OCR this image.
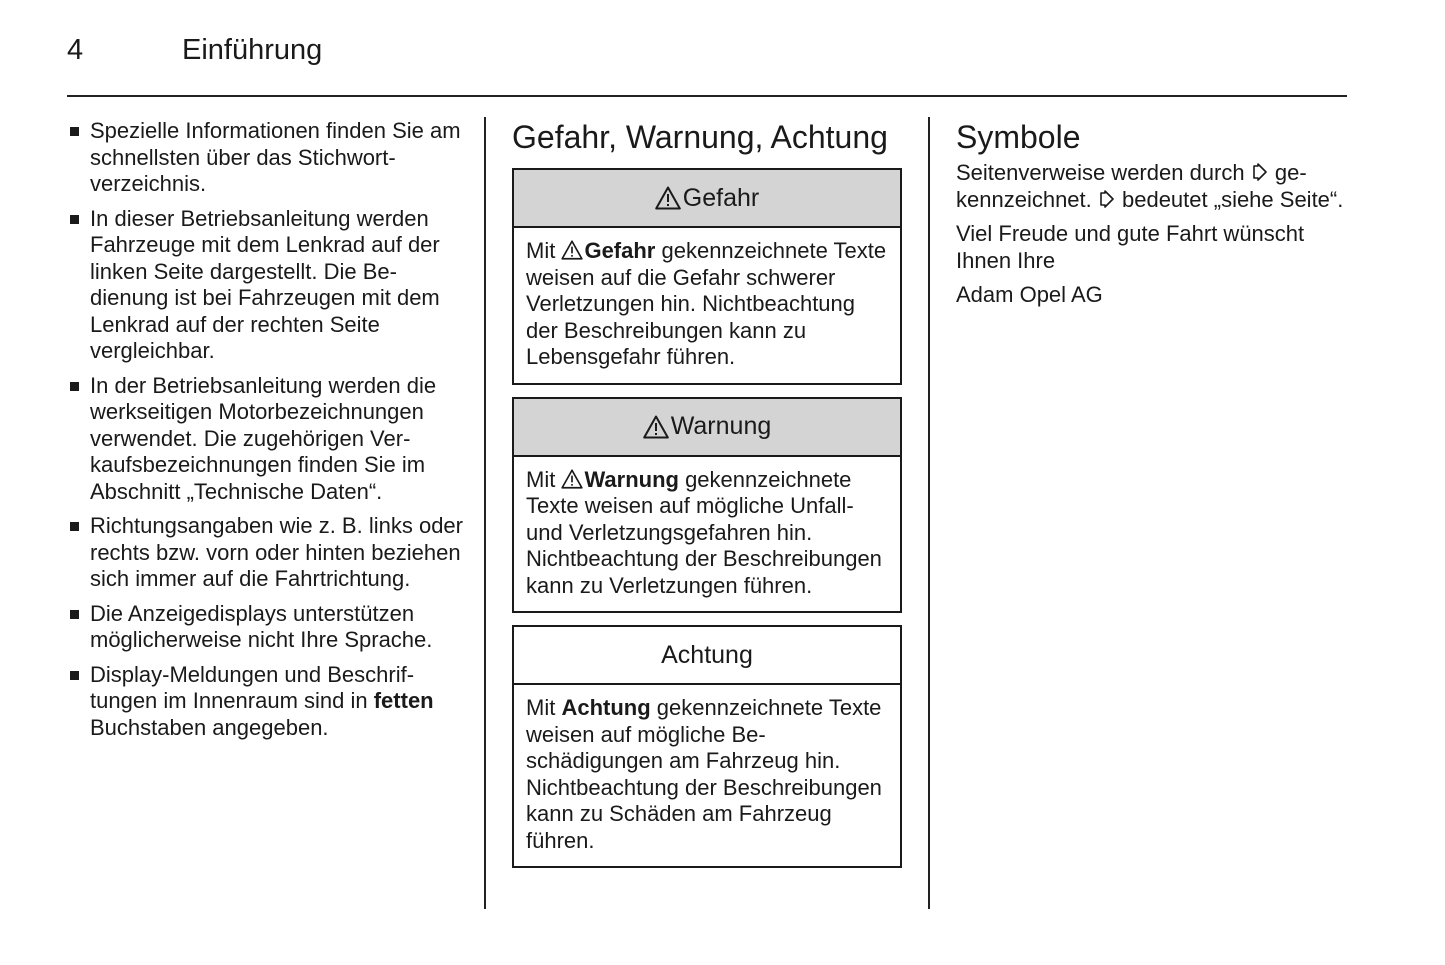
4	Einführung
Spezielle Informationen finden Sie am schnellsten über das Stichwortverzeichnis.
In dieser Betriebsanleitung werden Fahrzeuge mit dem Lenkrad auf der linken Seite dargestellt. Die Bedienung ist bei Fahrzeugen mit dem Lenkrad auf der rechten Seite vergleichbar.
In der Betriebsanleitung werden die werkseitigen Motorbezeichnungen verwendet. Die zugehörigen Verkaufsbezeichnungen finden Sie im Abschnitt „Technische Daten“.
Richtungsangaben wie z. B. links oder rechts bzw. vorn oder hinten beziehen sich immer auf die Fahrtrichtung.
Die Anzeigedisplays unterstützen möglicherweise nicht Ihre Sprache.
Display-Meldungen und Beschriftungen im Innenraum sind in fetten Buchstaben angegeben.
Gefahr, Warnung, Achtung
Gefahr
Mit Gefahr gekennzeichnete Texte weisen auf die Gefahr schwerer Verletzungen hin. Nichtbeachtung der Beschreibungen kann zu Lebensgefahr führen.
Warnung
Mit Warnung gekennzeichnete Texte weisen auf mögliche Unfall- und Verletzungsgefahren hin. Nichtbeachtung der Beschreibungen kann zu Verletzungen führen.
Achtung
Mit Achtung gekennzeichnete Texte weisen auf mögliche Beschädigungen am Fahrzeug hin. Nichtbeachtung der Beschreibungen kann zu Schäden am Fahrzeug führen.
Symbole

Seitenverweise werden durch  gekennzeichnet.  bedeutet „siehe Seite“.

Viel Freude und gute Fahrt wünscht Ihnen Ihre

Adam Opel AG
